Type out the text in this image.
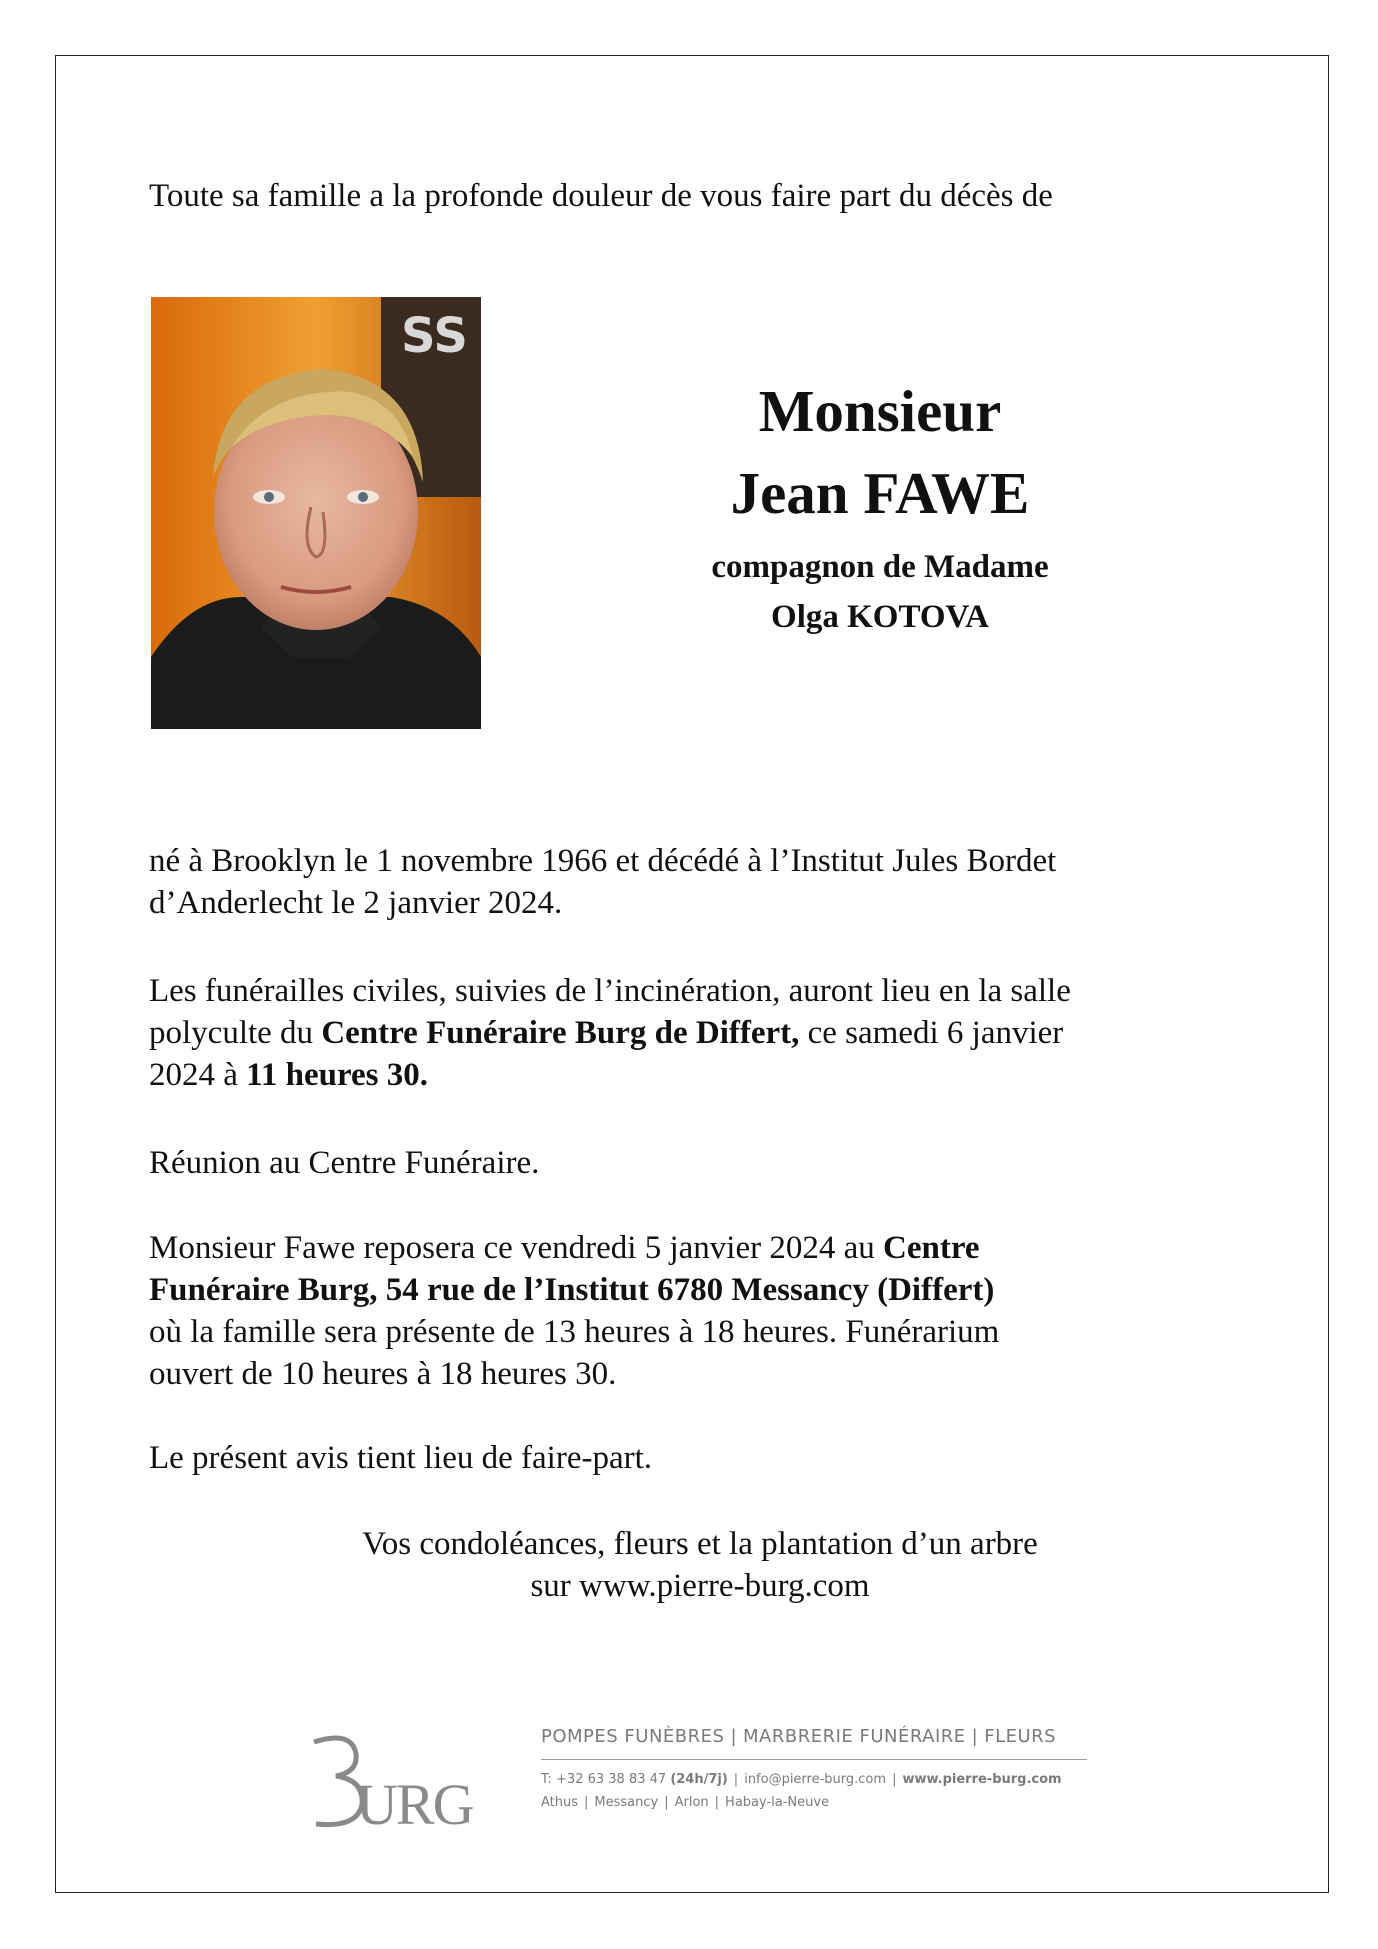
Toute sa famille a la profonde douleur de vous faire part du décès de
SS
Monsieur
Jean FAWE
compagnon de Madame
Olga KOTOVA
né à Brooklyn le 1 novembre 1966 et décédé à l’Institut Jules Bordet
d’Anderlecht le 2 janvier 2024.
Les funérailles civiles, suivies de l’incinération, auront lieu en la salle
polyculte du Centre Funéraire Burg de Differt, ce samedi 6 janvier
2024 à 11 heures 30.
Réunion au Centre Funéraire.
Monsieur Fawe reposera ce vendredi 5 janvier 2024 au Centre
Funéraire Burg, 54 rue de l’Institut 6780 Messancy (Differt)
où la famille sera présente de 13 heures à 18 heures. Funérarium
ouvert de 10 heures à 18 heures 30.
Le présent avis tient lieu de faire-part.
Vos condoléances, fleurs et la plantation d’un arbre
sur www.pierre-burg.com
URG
POMPES FUNÈBRES | MARBRERIE FUNÉRAIRE | FLEURS
T: +32 63 38 83 47 (24h/7j) | info@pierre-burg.com | www.pierre-burg.com
Athus | Messancy | Arlon | Habay-la-Neuve
